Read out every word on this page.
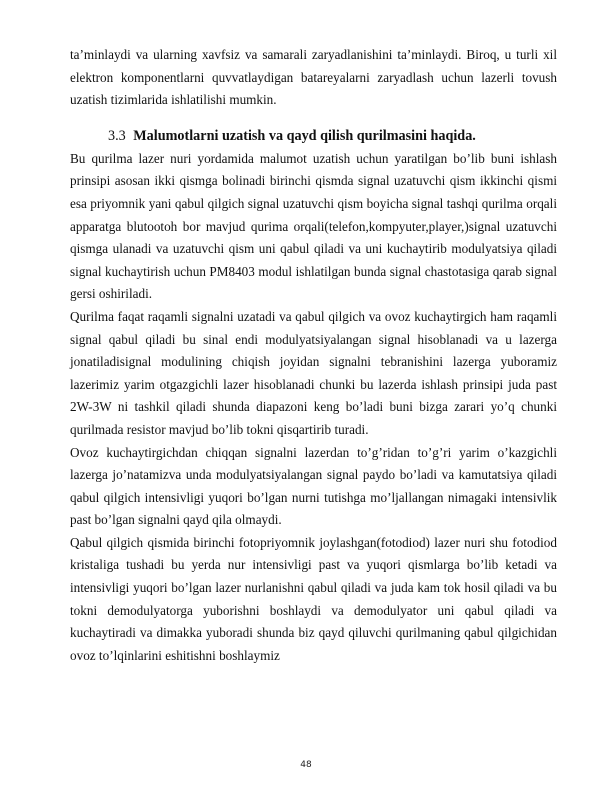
ta’minlaydi va ularning xavfsiz va samarali zaryadlanishini ta’minlaydi. Biroq, u turli xil elektron komponentlarni quvvatlaydigan batareyalarni zaryadlash uchun lazerli tovush uzatish tizimlarida ishlatilishi mumkin.

3.3 Malumotlarni uzatish va qayd qilish qurilmasini haqida.

Bu qurilma lazer nuri yordamida malumot uzatish uchun yaratilgan bo’lib buni ishlash prinsipi asosan ikki qismga bolinadi birinchi qismda signal uzatuvchi qism ikkinchi qismi esa priyomnik yani qabul qilgich signal uzatuvchi qism boyicha signal tashqi qurilma orqali apparatga blutootoh bor mavjud qurima orqali(telefon,kompyuter,player,)signal uzatuvchi qismga ulanadi va uzatuvchi qism uni qabul qiladi va uni kuchaytirib modulyatsiya qiladi signal kuchaytirish uchun PM8403 modul ishlatilgan bunda signal chastotasiga qarab signal gersi oshiriladi.

Qurilma faqat raqamli signalni uzatadi va qabul qilgich va ovoz kuchaytirgich ham raqamli signal qabul qiladi bu sinal endi modulyatsiyalangan signal hisoblanadi va u lazerga jonatiladisignal modulining chiqish joyidan signalni tebranishini lazerga yuboramiz lazerimiz yarim otgazgichli lazer hisoblanadi chunki bu lazerda ishlash prinsipi juda past 2W-3W ni tashkil qiladi shunda diapazoni keng bo’ladi buni bizga zarari yo’q chunki qurilmada resistor mavjud bo’lib tokni qisqartirib turadi.

Ovoz kuchaytirgichdan chiqqan signalni lazerdan to’g’ridan to’g’ri yarim o’kazgichli lazerga jo’natamizva unda modulyatsiyalangan signal paydo bo’ladi va kamutatsiya qiladi qabul qilgich intensivligi yuqori bo’lgan nurni tutishga mo’ljallangan nimagaki intensivlik past bo’lgan signalni qayd qila olmaydi.

Qabul qilgich qismida birinchi fotopriyomnik joylashgan(fotodiod) lazer nuri shu fotodiod kristaliga tushadi bu yerda nur intensivligi past va yuqori qismlarga bo’lib ketadi va intensivligi yuqori bo’lgan lazer nurlanishni qabul qiladi va juda kam tok hosil qiladi va bu tokni demodulyatorga yuborishni boshlaydi va demodulyator uni qabul qiladi va kuchaytiradi va dimakka yuboradi shunda biz qayd qiluvchi qurilmaning qabul qilgichidan ovoz to’lqinlarini eshitishni boshlaymiz

48
